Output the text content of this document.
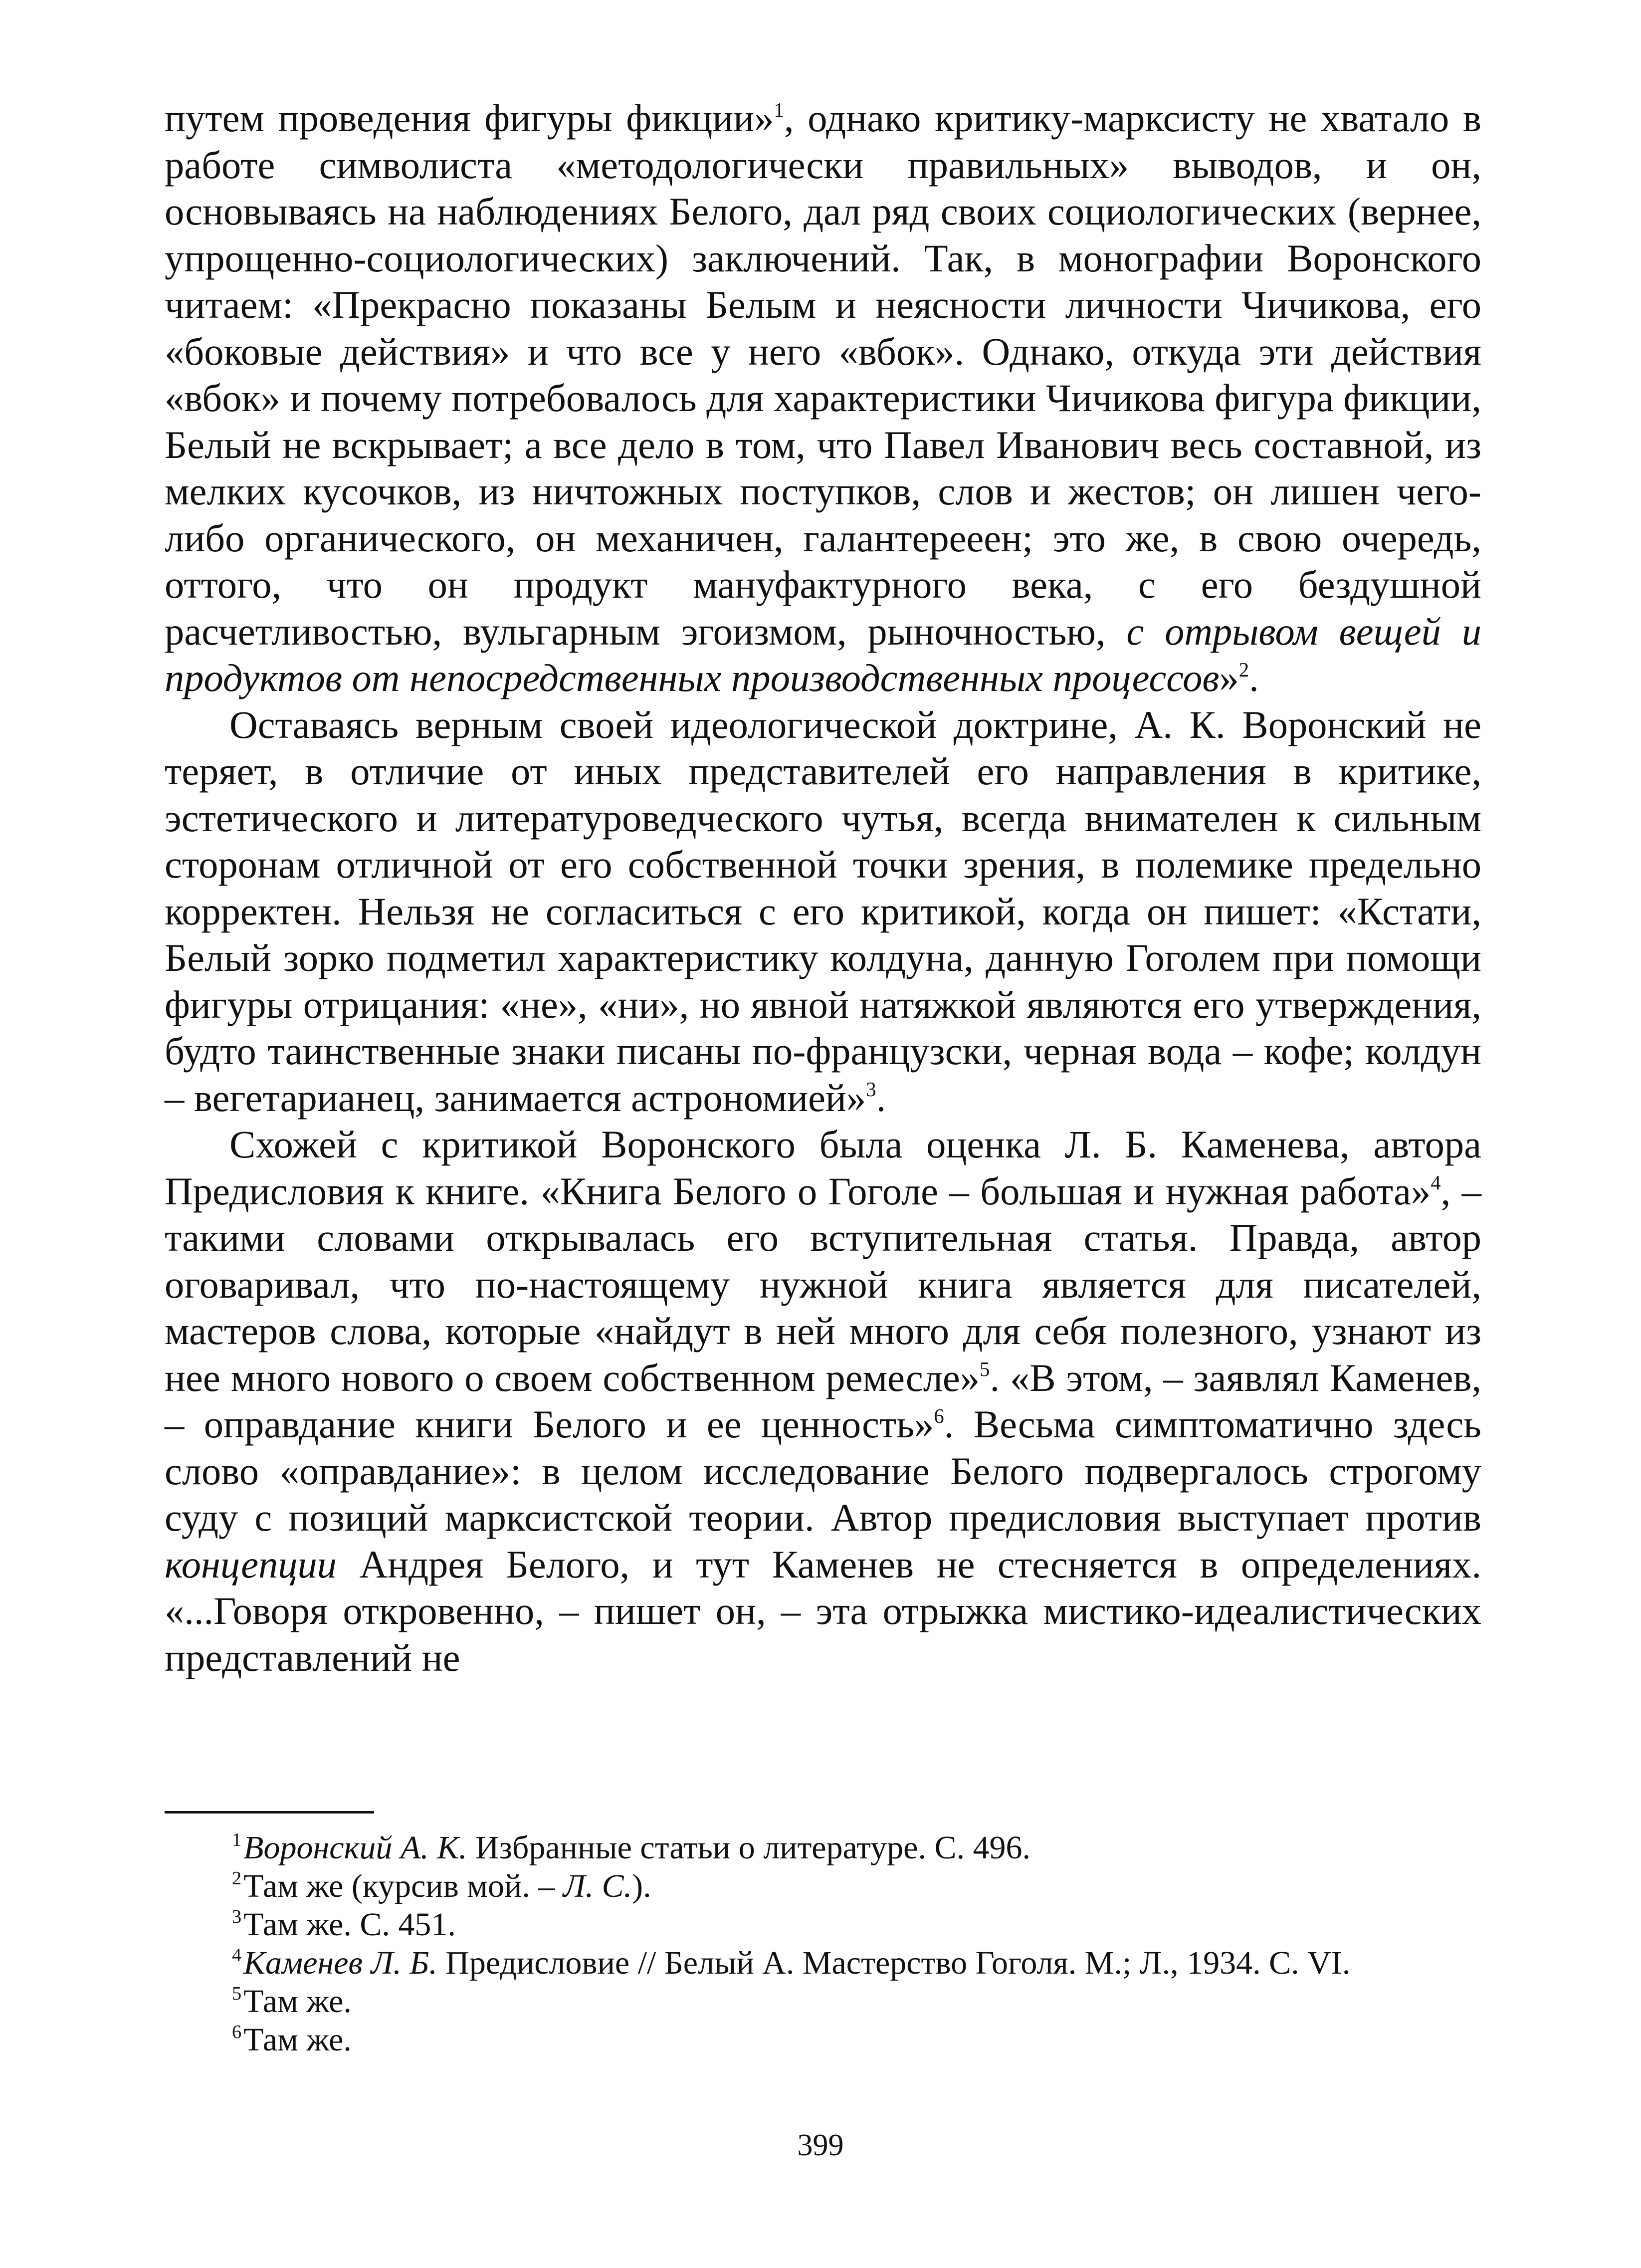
путем проведения фигуры фикции»$^1$, однако критику-марксисту не хватало в работе символиста «методологически правильных» выводов, и он, основываясь на наблюдениях Белого, дал ряд своих социологических (вернее, упрощенно-социологических) заключений. Так, в монографии Воронского читаем: «Прекрасно показаны Белым и неясности личности Чичикова, его «боковые действия» и что все у него «вбок». Однако, откуда эти действия «вбок» и почему потребовалось для характеристики Чичикова фигура фикции, Белый не вскрывает; а все дело в том, что Павел Иванович весь составной, из мелких кусочков, из ничтожных поступков, слов и жестов; он лишен чего-либо органического, он механичен, галантерееен; это же, в свою очередь, оттого, что он продукт мануфактурного века, с его бездушной расчетливостью, вульгарным эгоизмом, рыночностью, с отрывом вещей и продуктов от непосредственных производственных процессов»$^2$.

Оставаясь верным своей идеологической доктрине, А. К. Воронский не теряет, в отличие от иных представителей его направления в критике, эстетического и литературоведческого чутья, всегда внимателен к сильным сторонам отличной от его собственной точки зрения, в полемике предельно корректен. Нельзя не согласиться с его критикой, когда он пишет: «Кстати, Белый зорко подметил характеристику колдуна, данную Гоголем при помощи фигуры отрицания: «не», «ни», но явной натяжкой являются его утверждения, будто таинственные знаки писаны по-французски, черная вода – кофе; колдун – вегетарианец, занимается астрономией»$^3$.

Схожей с критикой Воронского была оценка Л. Б. Каменева, автора Предисловия к книге. «Книга Белого о Гоголе – большая и нужная работа»$^4$, – такими словами открывалась его вступительная статья. Правда, автор оговаривал, что по-настоящему нужной книга является для писателей, мастеров слова, которые «найдут в ней много для себя полезного, узнают из нее много нового о своем собственном ремесле»$^5$. «В этом, – заявлял Каменев, – оправдание книги Белого и ее ценность»$^6$. Весьма симптоматично здесь слово «оправдание»: в целом исследование Белого подвергалось строгому суду с позиций марксистской теории. Автор предисловия выступает против концепции Андрея Белого, и тут Каменев не стесняется в определениях. «...Говоря откровенно, – пишет он, – эта отрыжка мистико-идеалистических представлений не

$^1$Воронский А. К. Избранные статьи о литературе. С. 496.

$^2$Там же (курсив мой. – Л. С.).

$^3$Там же. С. 451.

$^4$Каменев Л. Б. Предисловие // Белый А. Мастерство Гоголя. М.; Л., 1934. С. VI.

$^5$Там же.

$^6$Там же.

399
